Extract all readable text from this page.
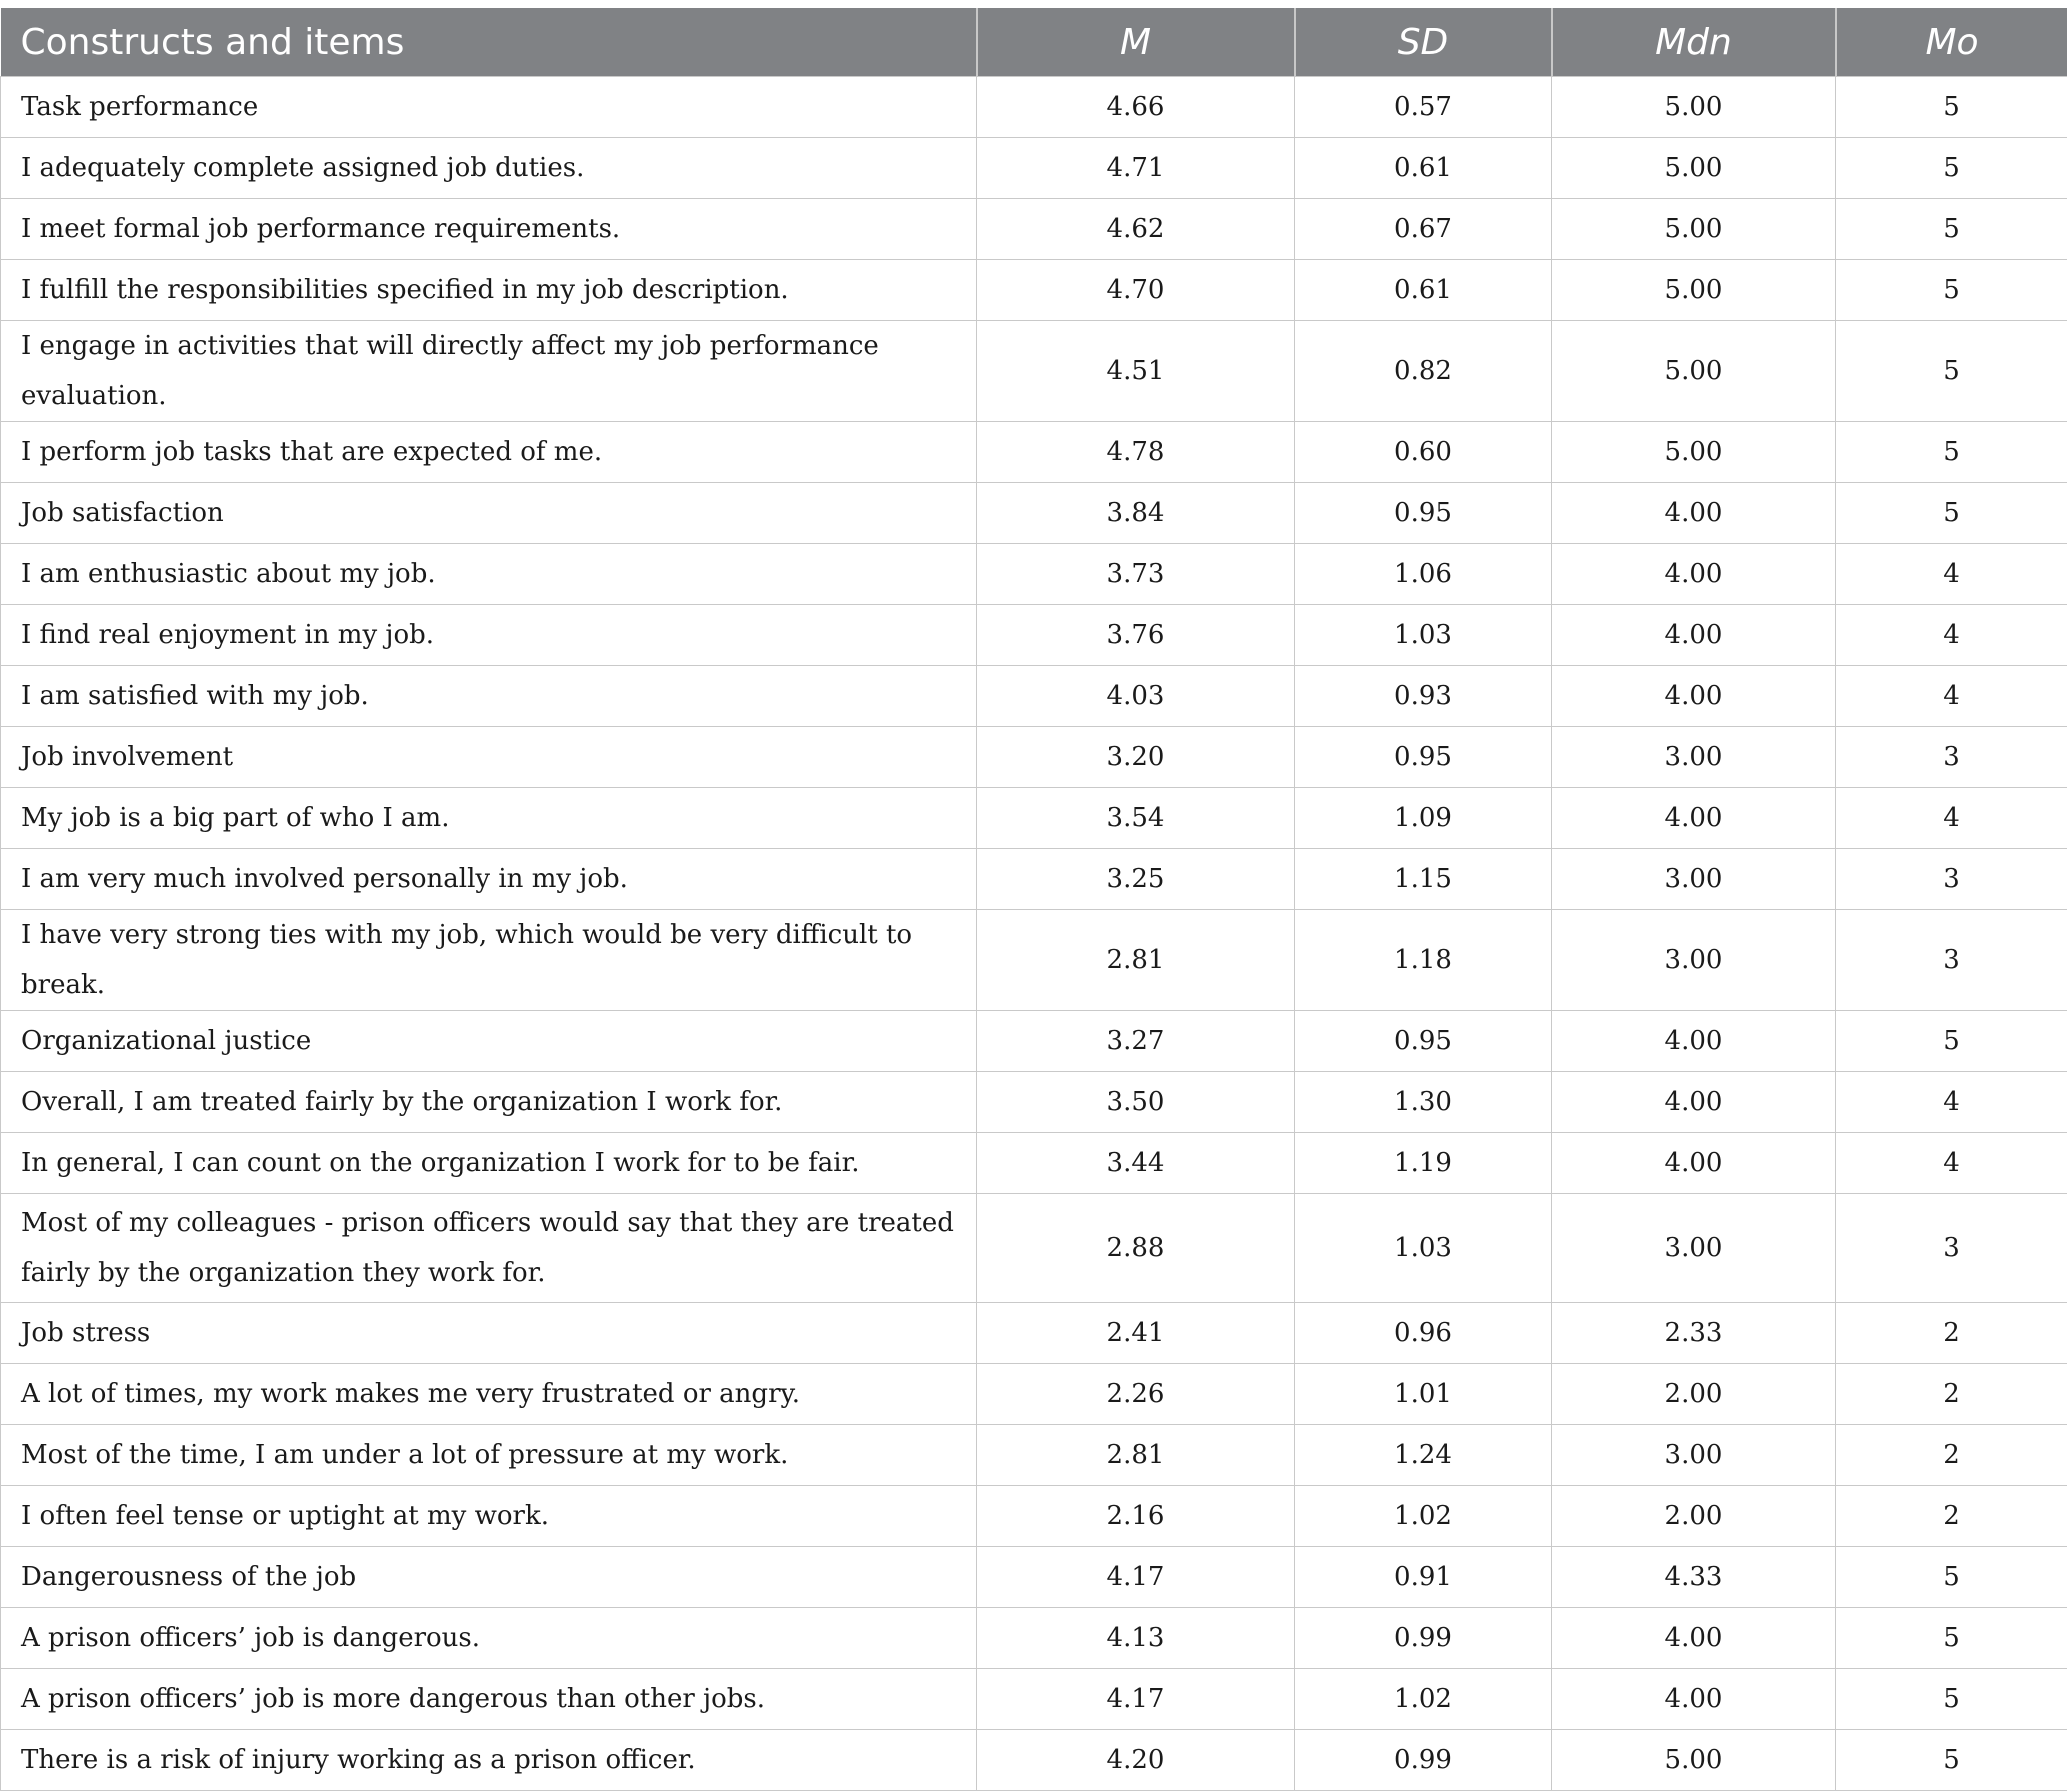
Constructs and items	M	SD	Mdn	Mo
Task performance	4.66	0.57	5.00	5
I adequately complete assigned job duties.	4.71	0.61	5.00	5
I meet formal job performance requirements.	4.62	0.67	5.00	5
I fulfill the responsibilities specified in my job description.	4.70	0.61	5.00	5
I engage in activities that will directly affect my job performance evaluation.	4.51	0.82	5.00	5
I perform job tasks that are expected of me.	4.78	0.60	5.00	5
Job satisfaction	3.84	0.95	4.00	5
I am enthusiastic about my job.	3.73	1.06	4.00	4
I find real enjoyment in my job.	3.76	1.03	4.00	4
I am satisfied with my job.	4.03	0.93	4.00	4
Job involvement	3.20	0.95	3.00	3
My job is a big part of who I am.	3.54	1.09	4.00	4
I am very much involved personally in my job.	3.25	1.15	3.00	3
I have very strong ties with my job, which would be very difficult to break.	2.81	1.18	3.00	3
Organizational justice	3.27	0.95	4.00	5
Overall, I am treated fairly by the organization I work for.	3.50	1.30	4.00	4
In general, I can count on the organization I work for to be fair.	3.44	1.19	4.00	4
Most of my colleagues - prison officers would say that they are treated fairly by the organization they work for.	2.88	1.03	3.00	3
Job stress	2.41	0.96	2.33	2
A lot of times, my work makes me very frustrated or angry.	2.26	1.01	2.00	2
Most of the time, I am under a lot of pressure at my work.	2.81	1.24	3.00	2
I often feel tense or uptight at my work.	2.16	1.02	2.00	2
Dangerousness of the job	4.17	0.91	4.33	5
A prison officers’ job is dangerous.	4.13	0.99	4.00	5
A prison officers’ job is more dangerous than other jobs.	4.17	1.02	4.00	5
There is a risk of injury working as a prison officer.	4.20	0.99	5.00	5
